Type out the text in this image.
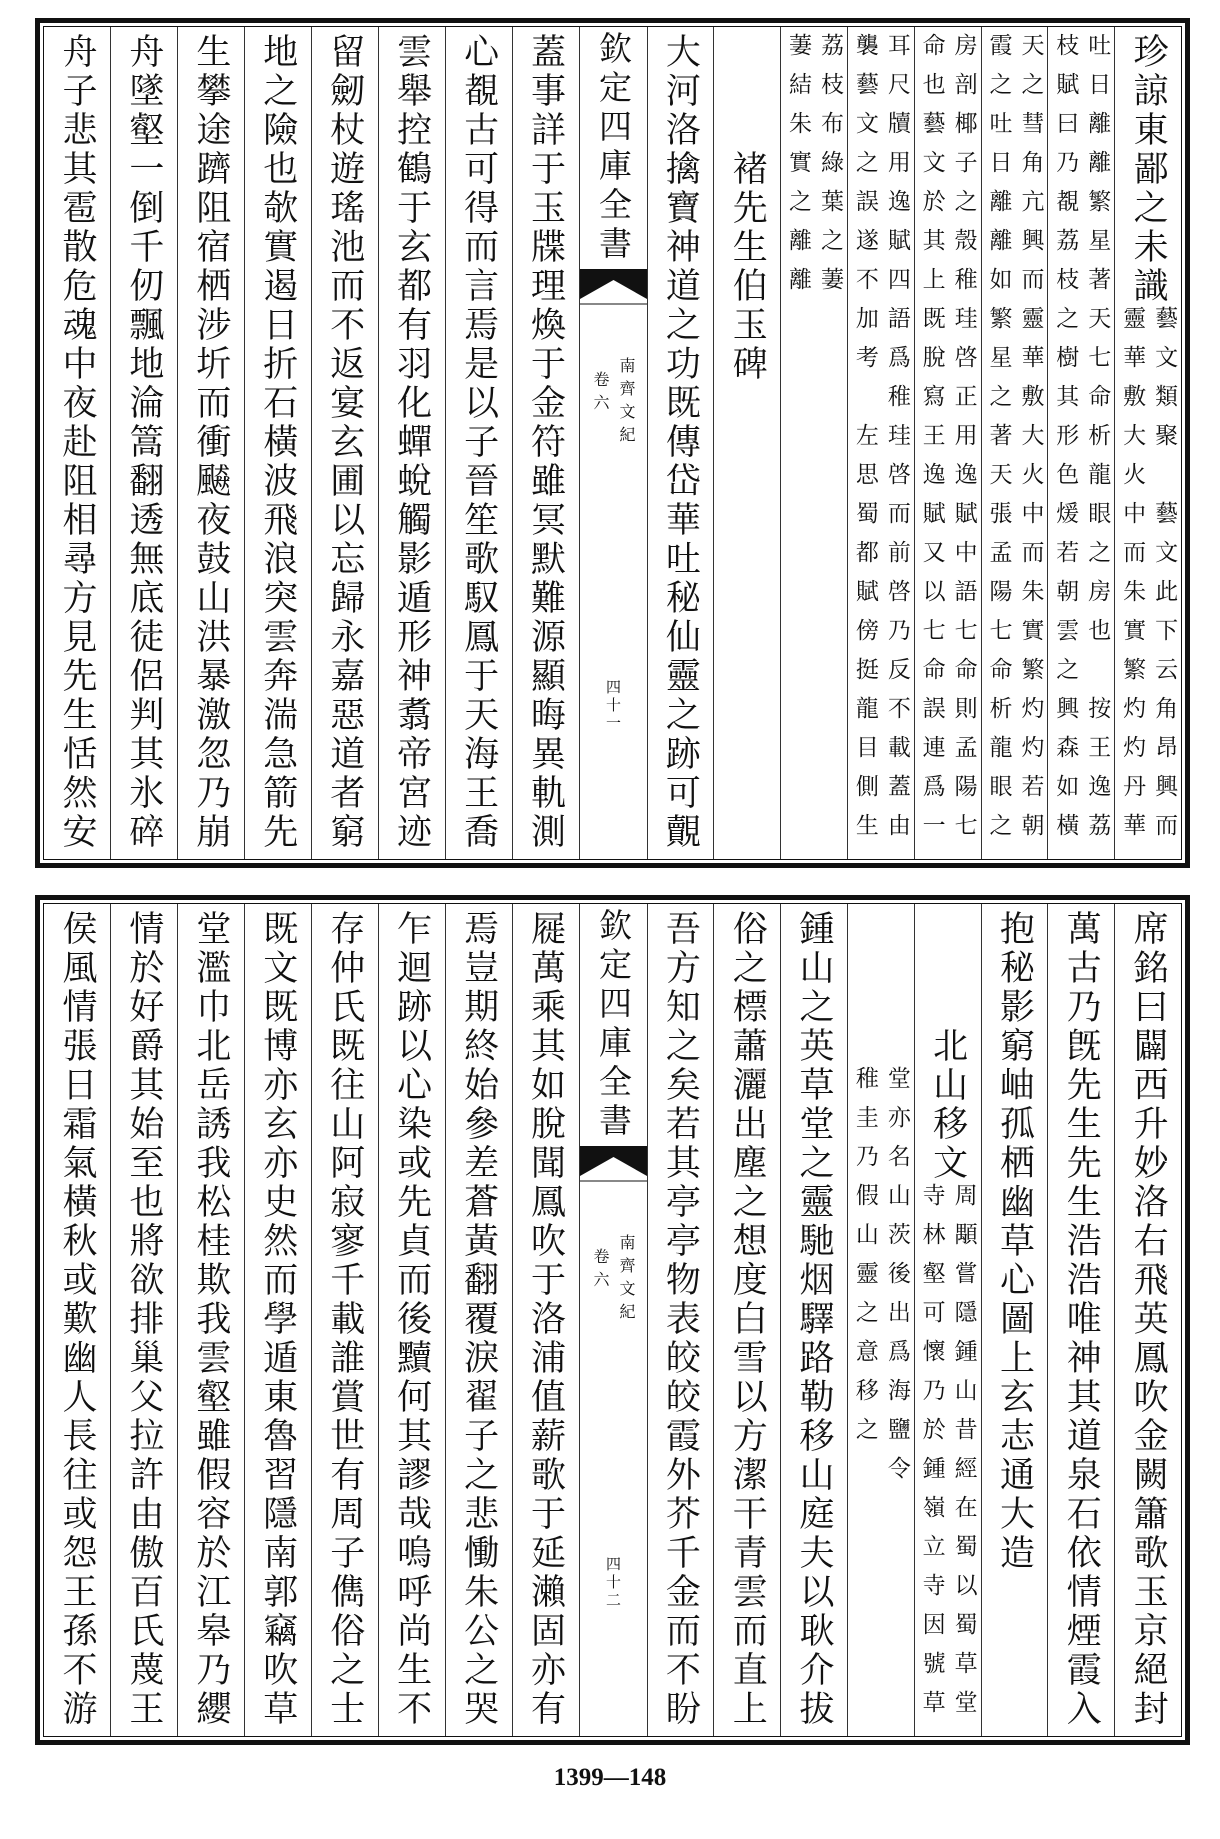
珍諒東鄙之未識
藝文類聚　藝文此下云角昂興而
靈華敷大火中而朱實繁灼灼丹華
吐日離離繁星著天七命析龍眼之房也　按王逸荔
枝賦曰乃覩荔枝之樹其形色煖若朝雲之興森如橫
天之彗角亢興而靈華敷大火中而朱實繁灼灼若朝
霞之吐日離離如繁星之著天張孟陽七命析龍眼之
房剖椰子之殼稚珪啓正用逸賦中語七命則孟陽七
命也藝文於其上既脫寫王逸賦又以七命誤連爲一
耳尺牘用逸賦四語爲稚珪啓而前啓乃反不載蓋由
襲藝文之誤遂不加考　左思蜀都賦傍挺龍目側生
荔枝布綠葉之萋
萋結朱實之離離
褚先生伯玉碑
大河洛擒寶神道之功既傳岱華吐秘仙靈之跡可覿
欽定四庫全書
南齊文紀
卷六
四十一
蓋事詳于玉牒理煥于金符雖冥默難源顯晦異軌測
心覩古可得而言焉是以子晉笙歌馭鳳于天海王喬
雲舉控鶴于玄都有羽化蟬蛻觸影遁形神翥帝宮迹
留劒杖遊瑤池而不返宴玄圃以忘歸永嘉惡道者窮
地之險也欹實遏日折石橫波飛浪突雲奔湍急箭先
生攀途躋阻宿栖涉圻而衝飇夜鼓山洪暴激忽乃崩
舟墜壑一倒千仞飄地淪篙翻透無底徒侶判其氷碎
舟子悲其雹散危魂中夜赴阻相尋方見先生恬然安
席銘曰闢西升妙洛右飛英鳳吹金闕簫歌玉京絕封
萬古乃旣先生先生浩浩唯神其道泉石依情煙霞入
抱秘影窮岫孤栖幽草心圖上玄志通大造
北山移文
周顒嘗隱鍾山昔經在蜀以蜀草堂
寺林壑可懷乃於鍾嶺立寺因號草
堂亦名山茨後出爲海鹽令
稚圭乃假山靈之意移之
鍾山之英草堂之靈馳烟驛路勒移山庭夫以耿介拔
俗之標蕭灑出塵之想度白雪以方潔干青雲而直上
吾方知之矣若其亭亭物表皎皎霞外芥千金而不盼
欽定四庫全書
南齊文紀
卷六
四十二
屣萬乘其如脫聞鳳吹于洛浦值薪歌于延瀨固亦有
焉豈期終始參差蒼黃翻覆淚翟子之悲慟朱公之哭
乍迴跡以心染或先貞而後黷何其謬哉嗚呼尚生不
存仲氏既往山阿寂寥千載誰賞世有周子儁俗之士
既文既博亦玄亦史然而學遁東魯習隱南郭竊吹草
堂濫巾北岳誘我松桂欺我雲壑雖假容於江皋乃纓
情於好爵其始至也將欲排巢父拉許由傲百氏蔑王
侯風情張日霜氣橫秋或歎幽人長往或怨王孫不游
1399—148
